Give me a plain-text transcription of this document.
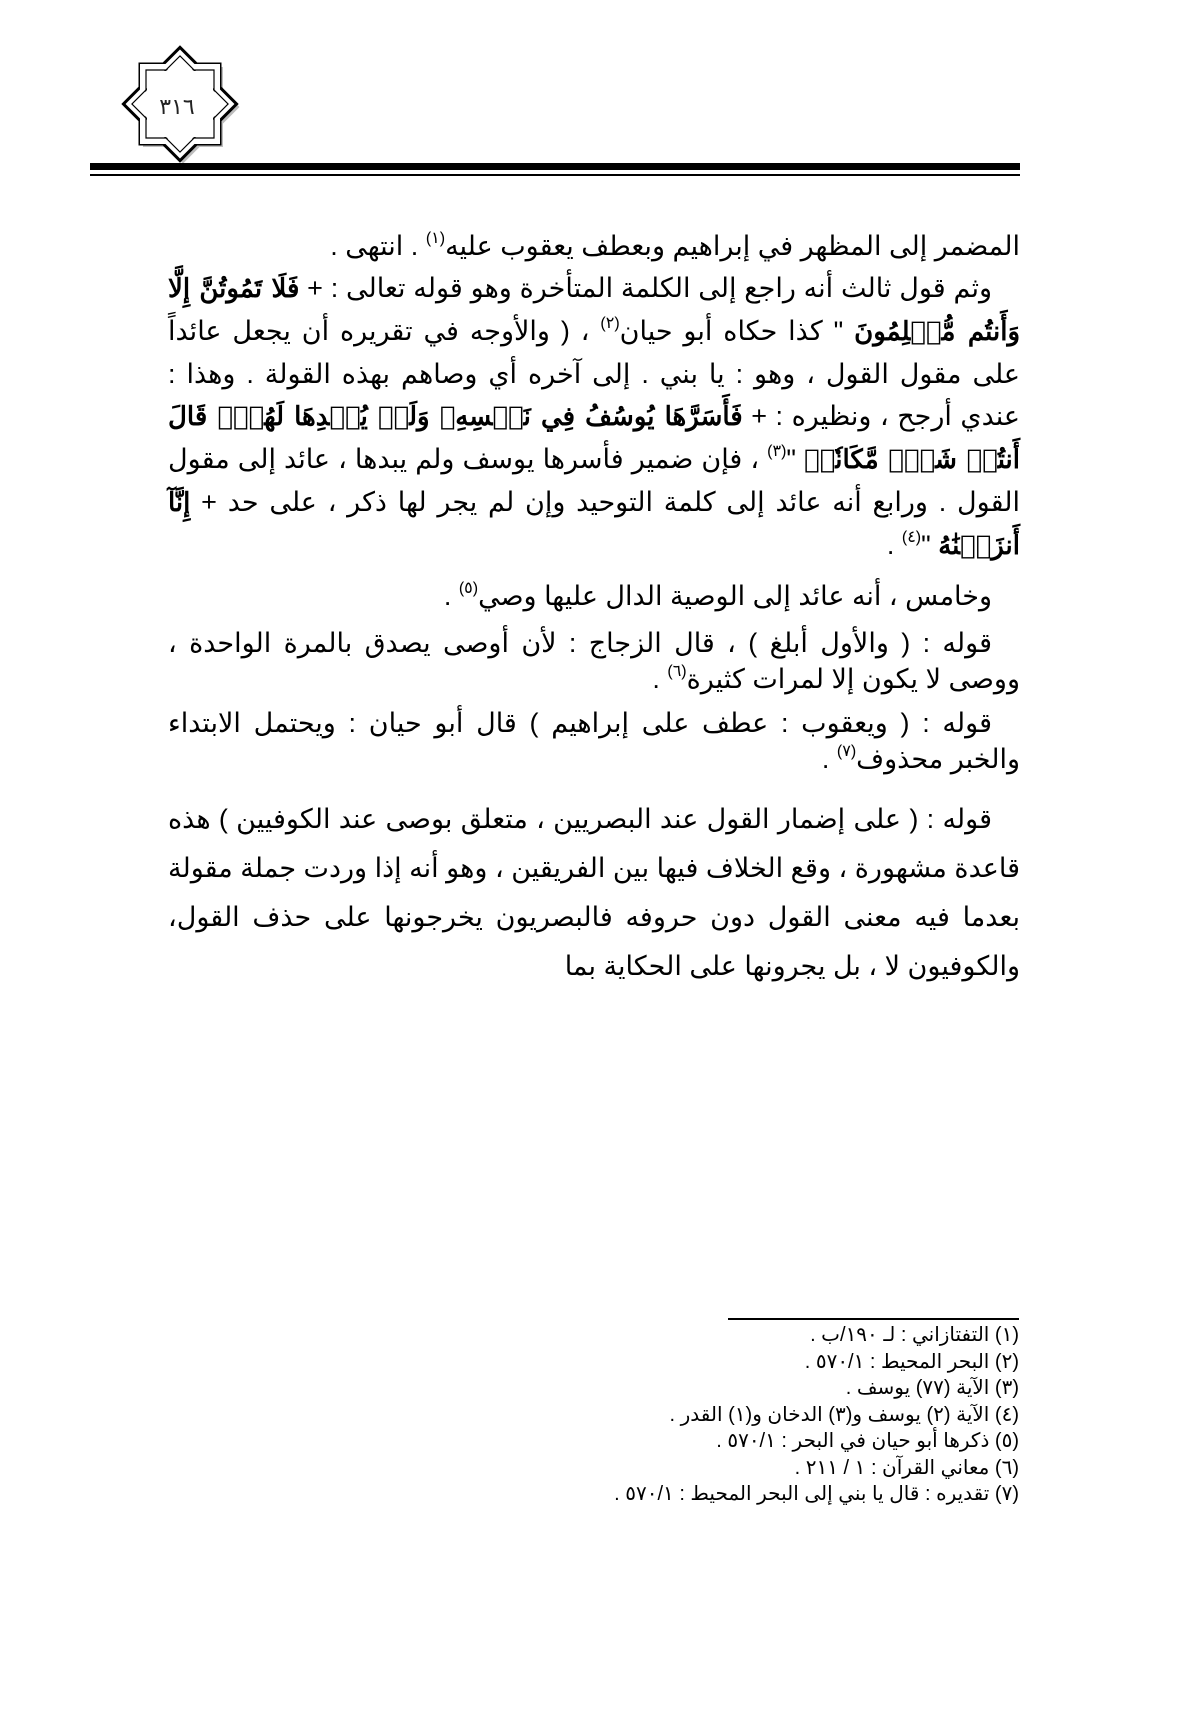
٣١٦

المضمر إلى المظهر في إبراهيم وبعطف يعقوب عليه$^{(١)}$ . انتهى .

وثم قول ثالث أنه راجع إلى الكلمة المتأخرة وهو قوله تعالى : + فَلَا تَمُوتُنَّ إِلَّا وَأَنتُم مُّسۡلِمُونَ " كذا حكاه أبو حيان$^{(٢)}$ ، ( والأوجه في تقريره أن يجعل عائداً على مقول القول ، وهو : يا بني . إلى آخره أي وصاهم بهذه القولة . وهذا : عندي أرجح ، ونظيره : + فَأَسَرَّهَا يُوسُفُ فِي نَفۡسِهِۦ وَلَمۡ يُبۡدِهَا لَهُمۡۚ قَالَ أَنتُمۡ شَرّٞ مَّكَانٗاۖ "$^{(٣)}$ ، فإن ضمير فأسرها يوسف ولم يبدها ، عائد إلى مقول القول . ورابع أنه عائد إلى كلمة التوحيد وإن لم يجر لها ذكر ، على حد + إِنَّآ أَنزَلۡنَٰهُ "$^{(٤)}$ .

وخامس ، أنه عائد إلى الوصية الدال عليها وصي$^{(٥)}$ .

قوله : ( والأول أبلغ ) ، قال الزجاج : لأن أوصى يصدق بالمرة الواحدة ، ووصى لا يكون إلا لمرات كثيرة$^{(٦)}$ .

قوله : ( ويعقوب : عطف على إبراهيم ) قال أبو حيان : ويحتمل الابتداء والخبر محذوف$^{(٧)}$ .

قوله : ( على إضمار القول عند البصريين ، متعلق بوصى عند الكوفيين ) هذه قاعدة مشهورة ، وقع الخلاف فيها بين الفريقين ، وهو أنه إذا وردت جملة مقولة بعدما فيه معنى القول دون حروفه فالبصريون يخرجونها على حذف القول، والكوفيون لا ، بل يجرونها على الحكاية بما

(١) التفتازاني : لـ ١٩٠/ب .
(٢) البحر المحيط : ٥٧٠/١ .
(٣) الآية (٧٧) يوسف .
(٤) الآية (٢) يوسف و(٣) الدخان و(١) القدر .
(٥) ذكرها أبو حيان في البحر : ٥٧٠/١ .
(٦) معاني القرآن : ١ / ٢١١ .
(٧) تقديره : قال يا بني إلى البحر المحيط : ٥٧٠/١ .
